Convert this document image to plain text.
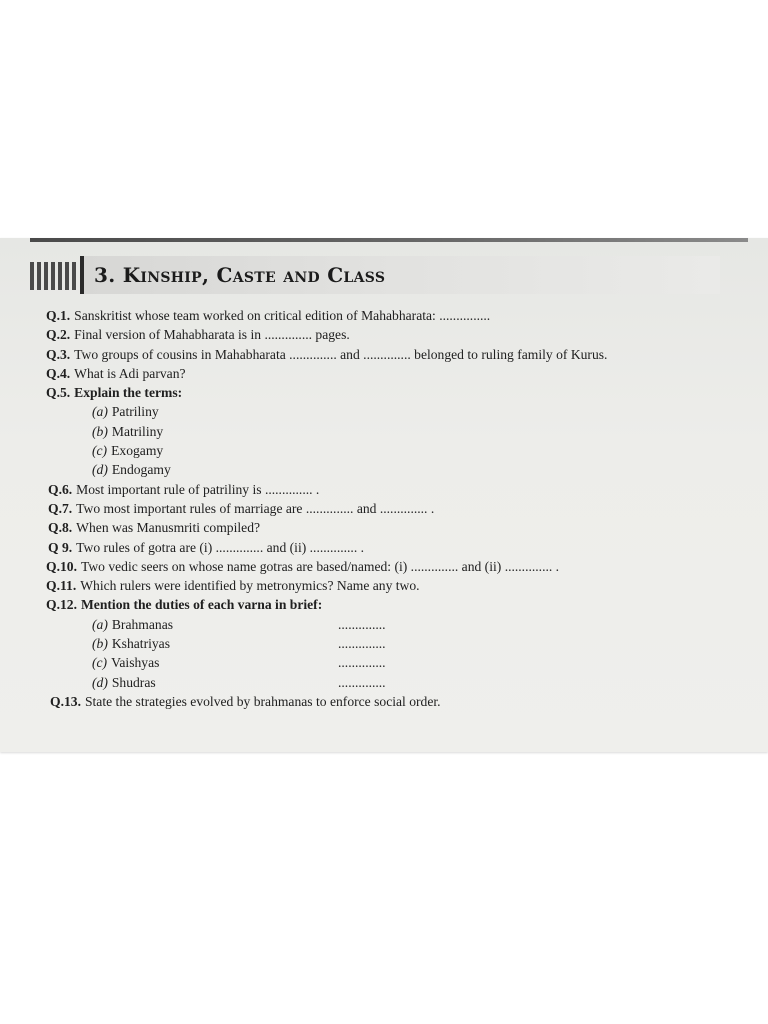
3. Kinship, Caste and Class
Q.1. Sanskritist whose team worked on critical edition of Mahabharata: ...............
Q.2. Final version of Mahabharata is in .............. pages.
Q.3. Two groups of cousins in Mahabharata .............. and .............. belonged to ruling family of Kurus.
Q.4. What is Adi parvan?
Q.5. Explain the terms:
(a) Patriliny
(b) Matriliny
(c) Exogamy
(d) Endogamy
Q.6. Most important rule of patriliny is .............. .
Q.7. Two most important rules of marriage are .............. and .............. .
Q.8. When was Manusmriti compiled?
Q 9. Two rules of gotra are (i) .............. and (ii) .............. .
Q.10. Two vedic seers on whose name gotras are based/named: (i) .............. and (ii) .............. .
Q.11. Which rulers were identified by metronymics? Name any two.
Q.12. Mention the duties of each varna in brief:
(a) Brahmanas	..............
(b) Kshatriyas	..............
(c) Vaishyas	..............
(d) Shudras	..............
Q.13. State the strategies evolved by brahmanas to enforce social order.
